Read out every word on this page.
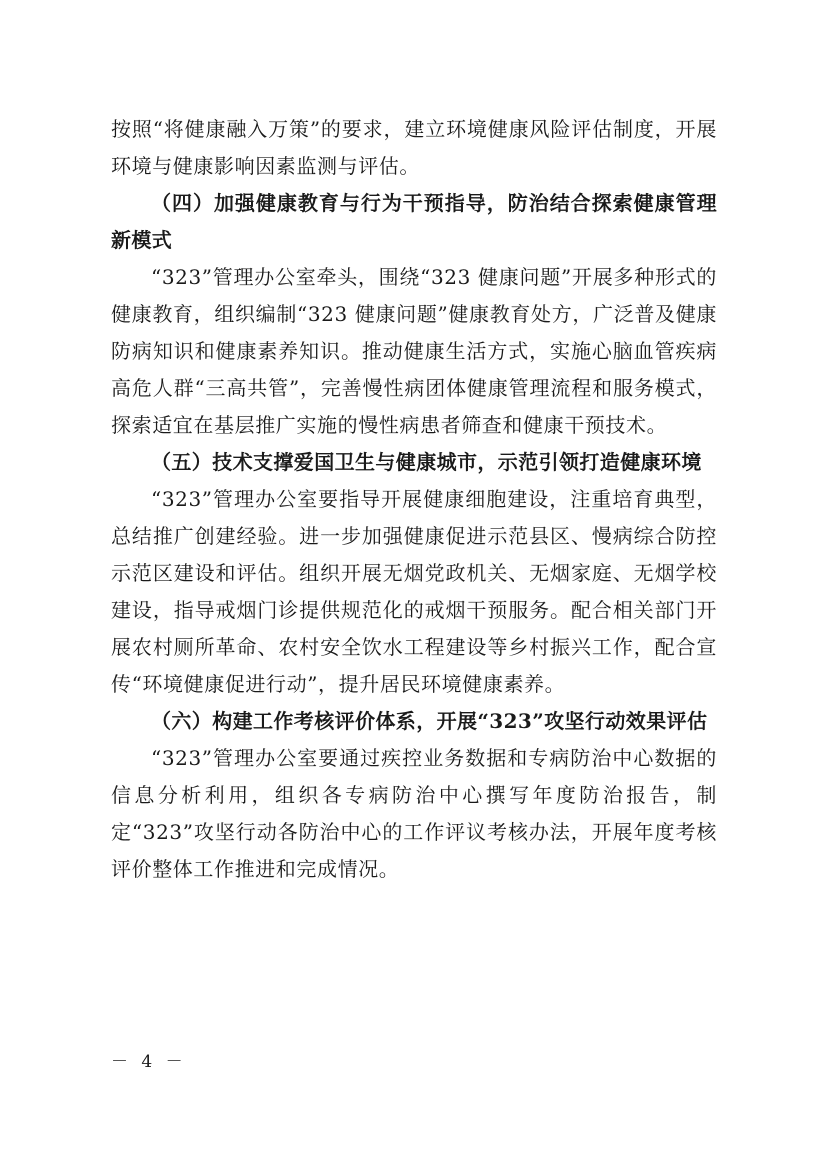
按照“将健康融入万策”的要求，建立环境健康风险评估制度，开展环境与健康影响因素监测与评估。

（四）加强健康教育与行为干预指导，防治结合探索健康管理新模式

“323”管理办公室牵头，围绕“323 健康问题”开展多种形式的健康教育，组织编制“323 健康问题”健康教育处方，广泛普及健康防病知识和健康素养知识。推动健康生活方式，实施心脑血管疾病高危人群“三高共管”，完善慢性病团体健康管理流程和服务模式，探索适宜在基层推广实施的慢性病患者筛查和健康干预技术。

（五）技术支撑爱国卫生与健康城市，示范引领打造健康环境

“323”管理办公室要指导开展健康细胞建设，注重培育典型，总结推广创建经验。进一步加强健康促进示范县区、慢病综合防控示范区建设和评估。组织开展无烟党政机关、无烟家庭、无烟学校建设，指导戒烟门诊提供规范化的戒烟干预服务。配合相关部门开展农村厕所革命、农村安全饮水工程建设等乡村振兴工作，配合宣传“环境健康促进行动”，提升居民环境健康素养。

（六）构建工作考核评价体系，开展“323”攻坚行动效果评估

“323”管理办公室要通过疾控业务数据和专病防治中心数据的信息分析利用，组织各专病防治中心撰写年度防治报告，制定“323”攻坚行动各防治中心的工作评议考核办法，开展年度考核评价整体工作推进和完成情况。

－ 4 －
